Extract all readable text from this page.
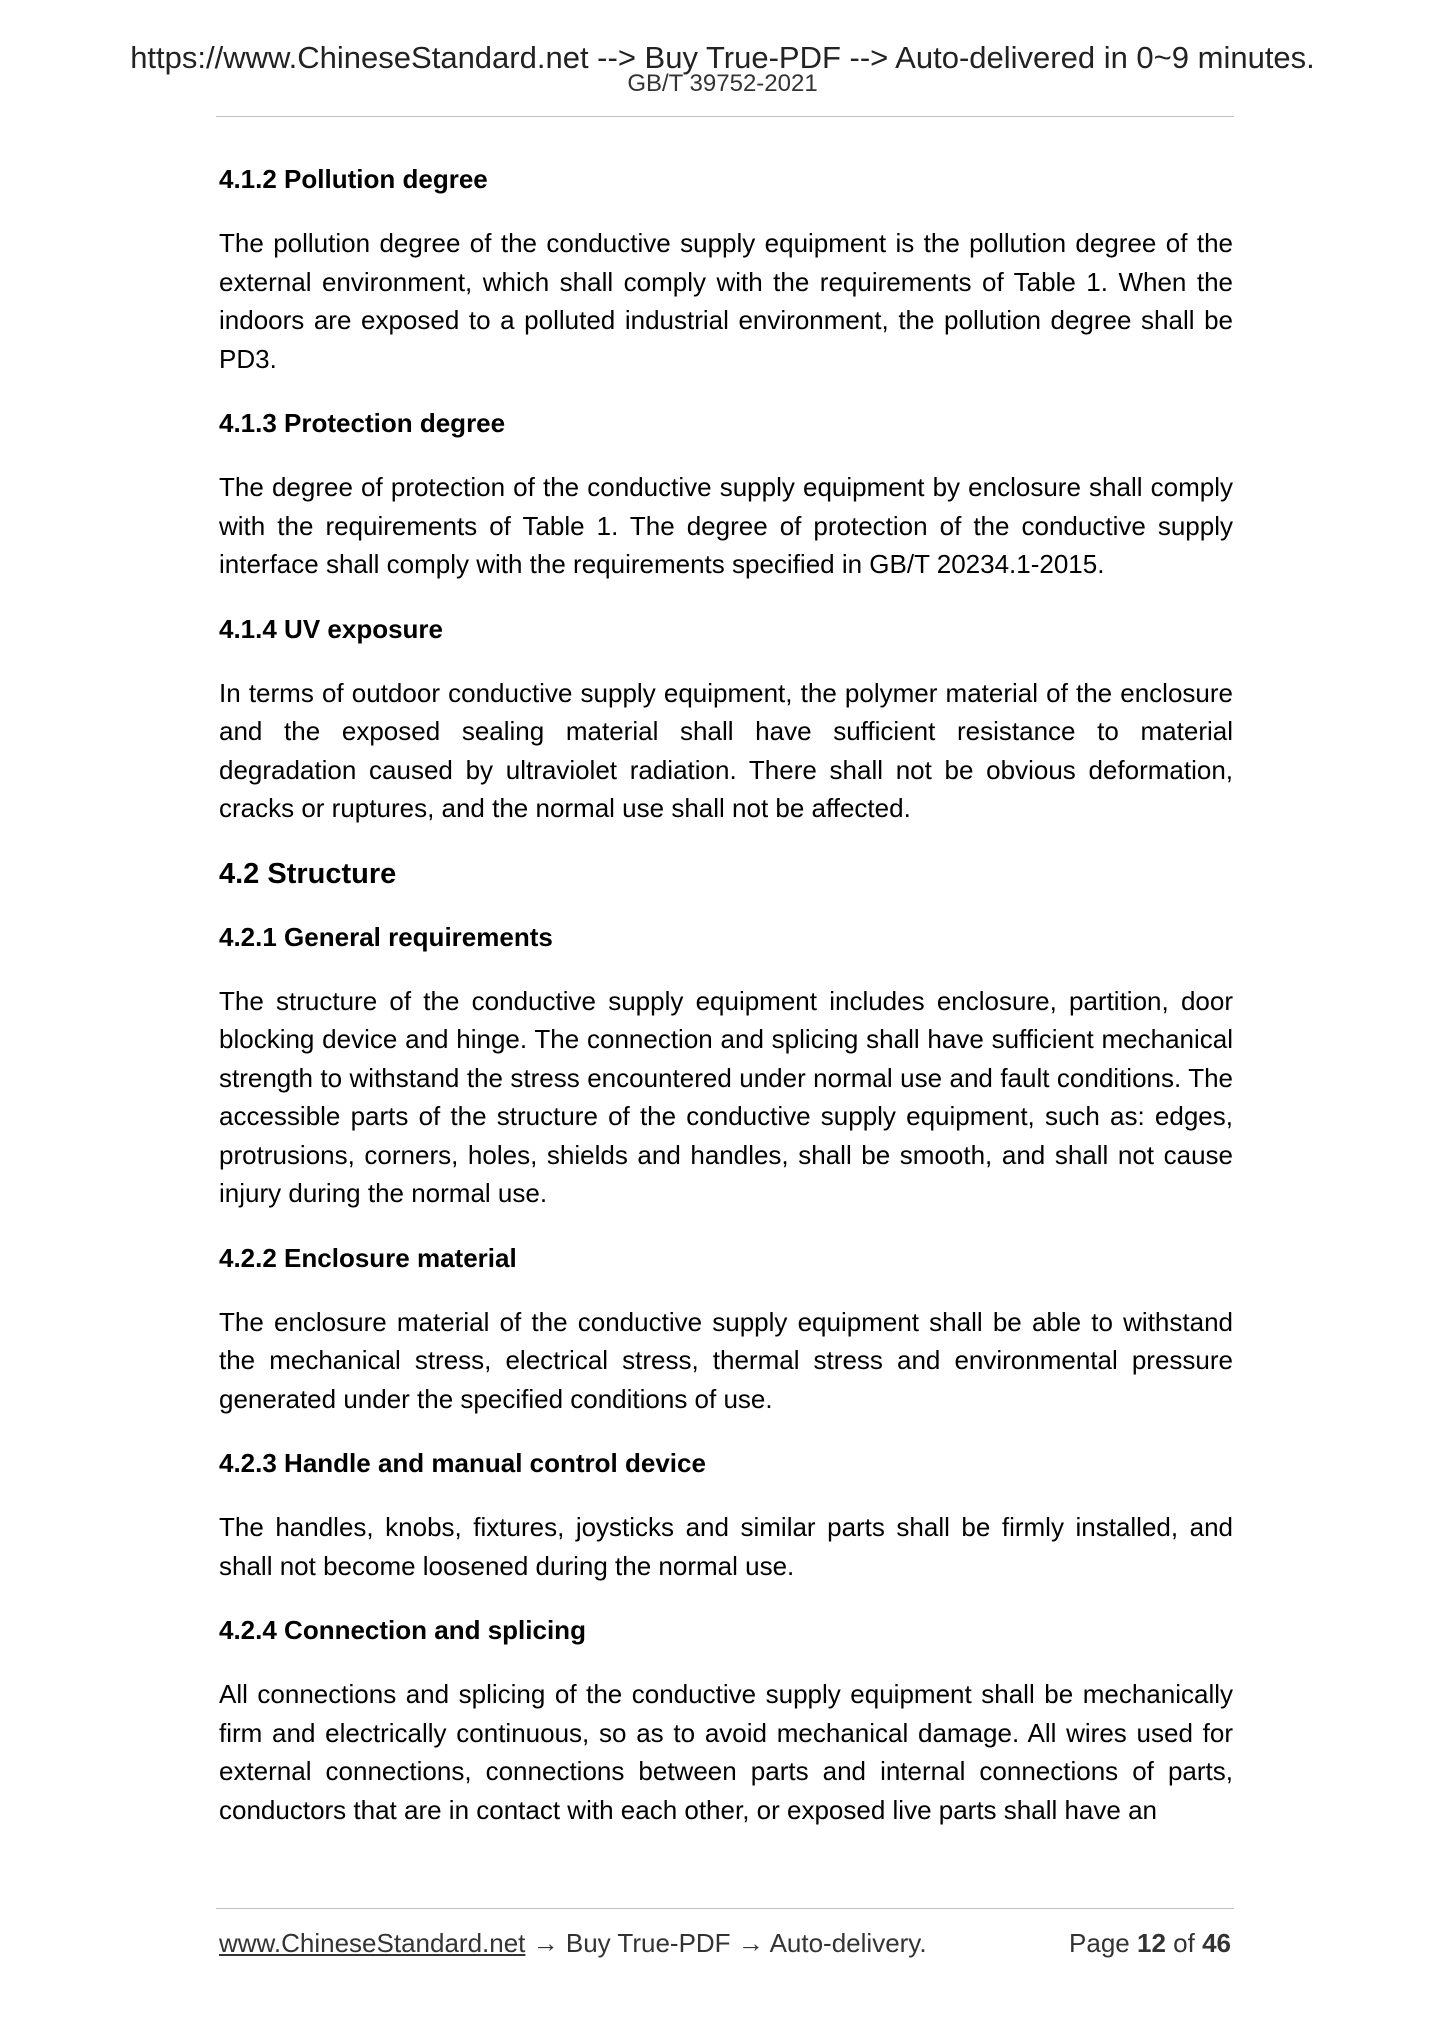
https://www.ChineseStandard.net --> Buy True-PDF --> Auto-delivered in 0~9 minutes.
GB/T 39752-2021
4.1.2 Pollution degree

The pollution degree of the conductive supply equipment is the pollution degree of the external environment, which shall comply with the requirements of Table 1. When the indoors are exposed to a polluted industrial environment, the pollution degree shall be PD3.

4.1.3 Protection degree

The degree of protection of the conductive supply equipment by enclosure shall comply with the requirements of Table 1. The degree of protection of the conductive supply interface shall comply with the requirements specified in GB/T 20234.1-2015.

4.1.4 UV exposure

In terms of outdoor conductive supply equipment, the polymer material of the enclosure and the exposed sealing material shall have sufficient resistance to material degradation caused by ultraviolet radiation. There shall not be obvious deformation, cracks or ruptures, and the normal use shall not be affected.

4.2 Structure
4.2.1 General requirements

The structure of the conductive supply equipment includes enclosure, partition, door blocking device and hinge. The connection and splicing shall have sufficient mechanical strength to withstand the stress encountered under normal use and fault conditions. The accessible parts of the structure of the conductive supply equipment, such as: edges, protrusions, corners, holes, shields and handles, shall be smooth, and shall not cause injury during the normal use.

4.2.2 Enclosure material

The enclosure material of the conductive supply equipment shall be able to withstand the mechanical stress, electrical stress, thermal stress and environmental pressure generated under the specified conditions of use.

4.2.3 Handle and manual control device

The handles, knobs, fixtures, joysticks and similar parts shall be firmly installed, and shall not become loosened during the normal use.

4.2.4 Connection and splicing

All connections and splicing of the conductive supply equipment shall be mechanically firm and electrically continuous, so as to avoid mechanical damage. All wires used for external connections, connections between parts and internal connections of parts, conductors that are in contact with each other, or exposed live parts shall have an

www.ChineseStandard.net → Buy True-PDF → Auto-delivery.	Page 12 of 46
